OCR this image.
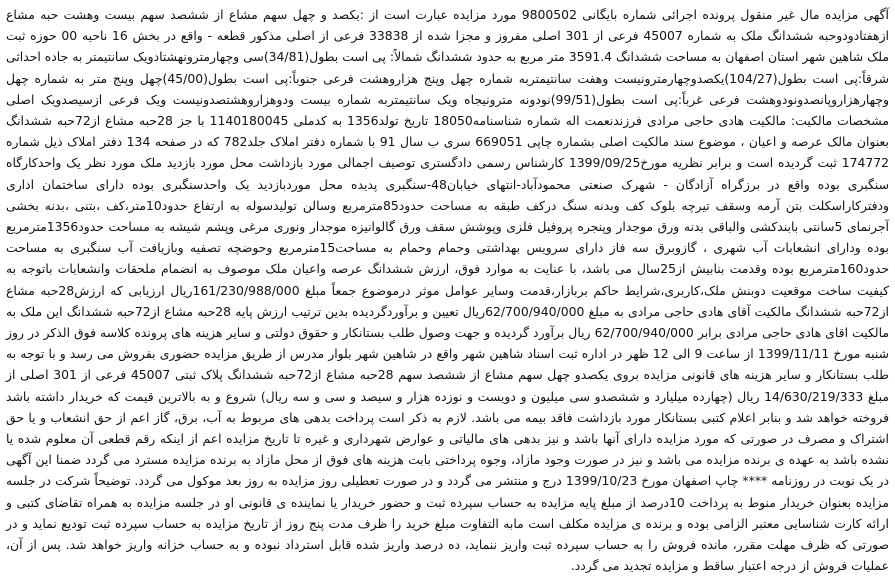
آگهی مزایده مال غیر منقول پرونده اجرائی شماره بایگانی 9800502 مورد مزایده عبارت است از :یکصد و چهل سهم مشاع از ششصد سهم بیست وهشت حبه مشاع ازهفتادودوحبه ششدانگ ملک به شماره 45007 فرعی از 301 اصلی مفروز و مجزا شده از 33838 فرعی از اصلی مذکور قطعه - واقع در بخش 16 ناحیه 00 حوزه ثبت ملک شاهین شهر استان اصفهان به مساحت ششدانگ 3591.4 متر مربع به حدود ششدانگ شمالاً: پی است بطول(34/81)سی وچهارمترونهشتادویک سانتیمتر به جاده احداثی شرقاً:پی است بطول(104/27)یکصدوچهارمترونیست وهفت سانتیمتربه شماره چهل وپنج هزاروهشت فرعی جنوباً:پی است بطول(45/00)چهل وپنج متر به شماره چهل وچهارهزاروپانصدونودوهشت فرعی غرباً:پی است بطول(99/51)نودونه مترونیجاه ویک سانتیمتربه شماره بیست ودوهزاروهشتصدونیست ویک فرعی ازسیصدویک اصلی مشخصات مالکیت: مالکیت هادی حاجی مرادی فرزندنعمت اله شماره شناسنامه18050 تاریخ تولد1356 به کدملی 1140180045 با جز 28حبه مشاع از72حبه ششدانگ بعنوان مالک عرصه و اعیان ، موضوع سند مالکیت اصلی بشماره چاپی 669051 سری ب سال 91 با شماره دفتر املاک جلد782 که در صفحه 134 دفتر املاک ذیل شماره 174772 ثبت گردیده است و برابر نظریه مورخ1399/09/25 کارشناس رسمی دادگستری توصیف اجمالی مورد بازداشت محل مورد بازدید ملک مورد نظر یک واحدکارگاه سنگبری بوده واقع در برزگراه آزادگان - شهرک صنعتی محمودآباد-انتهای خیابان48-سنگبری پدیده محل موردبازدید یک واحدسنگبری بوده دارای ساختمان اداری ودفترکاراسکلت بتن آرمه وسقف تیرچه بلوک کف وبدنه سنگ درکف طبقه به مساحت حدود85مترمربع وسالن تولیدسوله به ارتفاع حدود10متر،کف ،بتنی ،بدنه بخشی آجرنمای 5سانتی بابندکشی والباقی بدنه ورق موجدار وپنجره پروفیل فلزی وپوشش سقف ورق گالوانیزه موجدار ونوری مرغی وپشم شیشه به مساحت حدود1356مترمربع بوده ودارای انشعابات آب شهری ، گازوبرق سه فاز دارای سرویس بهداشتی وحمام وحمام به مساحت15مترمربع وحوضچه تصفیه وبازیافت آب سنگبری به مساحت حدود160مترمربع بوده وقدمت بنابیش از25سال می باشد، با عنایت به موارد فوق، ارزش ششدانگ عرصه واعیان ملک موصوف به انضمام ملحقات وانشعابات باتوجه به کیفیت ساخت موقعیت دوبنش ملک،کاربری،شرایط حاکم بربازار،قدمت وسایر عوامل موثر درموضوع جمعاً مبلغ 161/230/988/000ریال ارزیابی که ارزش28حبه مشاع از72حبه ششدانگ مالکیت آقای هادی حاجی مرادی به مبلغ 62/700/940/000ریال تعیین و برآوردگردیده بدین ترتیب ارزش پایه 28حبه مشاع از72حبه ششدانگ این ملک به مالکیت اقای هادی حاجی مرادی برابر 62/700/940/000 ریال برآورد گردیده و جهت وصول طلب بستانکار و حقوق دولتی و سایر هزینه های پرونده کلاسه فوق الذکر در روز شنبه مورخ 1399/11/11 از ساعت 9 الی 12 ظهر در اداره ثبت اسناد شاهین شهر واقع در شاهین شهر بلوار مدرس از طریق مزایده حضوری بفروش می رسد و با توجه به طلب بستانکار و سایر هزینه های قانونی مزایده بروی یکصدو چهل سهم مشاع از ششصد سهم 28حبه مشاع از72حبه ششدانگ پلاک ثبتی 45007 فرعی از 301 اصلی از مبلغ 14/630/219/333 ریال (چهارده میلیارد و ششصدو سی میلیون و دویست و نوزده هزار و سیصد و سی و سه ریال) شروع و به بالاترین قیمت که خریدار داشته باشد فروخته خواهد شد و بنابر اعلام کتبی بستانکار مورد بازداشت فاقد بیمه می باشد. لازم به ذکر است پرداخت بدهی های مربوط به آب، برق، گاز اعم از حق انشعاب و یا حق اشتراک و مصرف در صورتی که مورد مزایده دارای آنها باشد و نیز بدهی های مالیاتی و عوارض شهرداری و غیره تا تاریخ مزایده اعم از اینکه رقم قطعی آن معلوم شده یا نشده باشد به عهده ی برنده مزایده می باشد و نیز در صورت وجود مازاد، وجوه پرداختی بابت هزینه های فوق از محل مازاد به برنده مزایده مسترد می گردد ضمنا این آگهی در یک نوبت در روزنامه **** چاپ اصفهان مورخ 1399/10/23 درج و منتشر می گردد و در صورت تعطیلی روز مزایده به روز بعد موکول می گردد. توضیحاً شرکت در جلسه مزایده بعنوان خریدار منوط به پرداخت 10درصد از مبلغ پایه مزایده به حساب سپرده ثبت و حضور خریدار یا نماینده ی قانونی او در جلسه مزایده به همراه تقاضای کتبی و ارائه کارت شناسایی معتبر الزامی بوده و برنده ی مزایده مکلف است مابه التفاوت مبلغ خرید را ظرف مدت پنج روز از تاریخ مزایده به حساب سپرده ثبت تودیع نماید و در صورتی که ظرف مهلت مقرر، مانده فروش را به حساب سپرده ثبت واریز ننماید، ده درصد واریز شده قابل استرداد نبوده و به حساب خزانه واریز خواهد شد. پس از آن، عملیات فروش از درجه اعتبار ساقط و مزایده تجدید می گردد.
